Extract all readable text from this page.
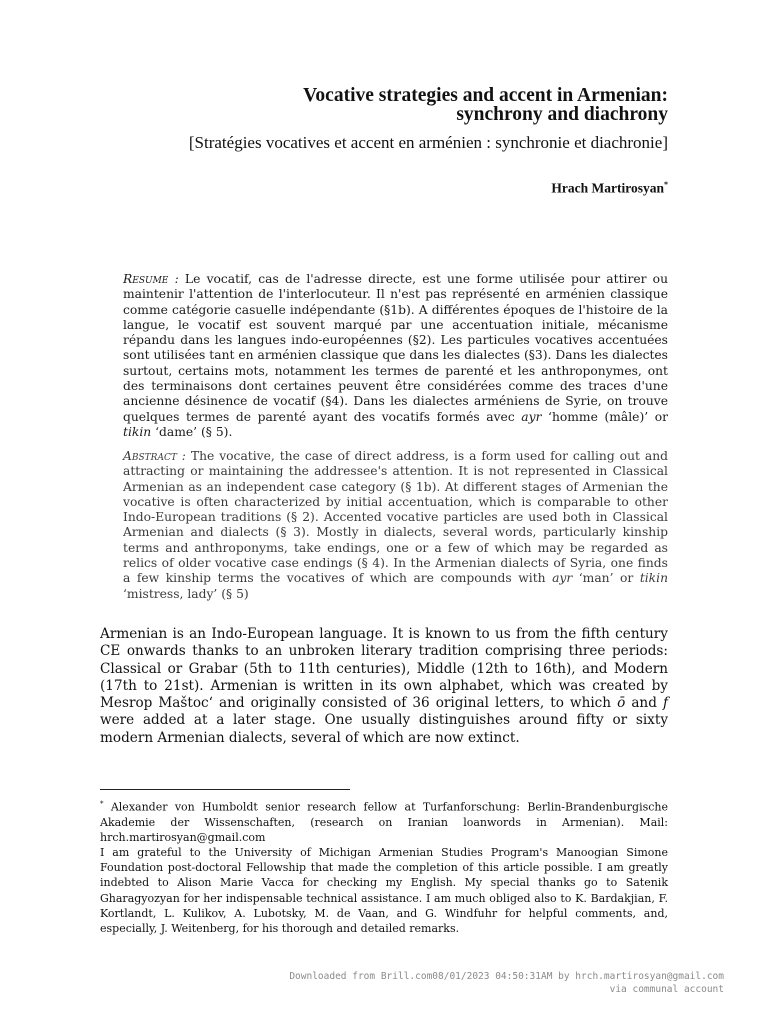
Vocative strategies and accent in Armenian:
synchrony and diachrony

[Stratégies vocatives et accent en arménien : synchronie et diachronie]

Hrach Martirosyan*

Resume : Le vocatif, cas de l'adresse directe, est une forme utilisée pour attirer ou maintenir l'attention de l'interlocuteur. Il n'est pas représenté en arménien classique comme catégorie casuelle indépendante (§1b). A différentes époques de l'histoire de la langue, le vocatif est souvent marqué par une accentuation initiale, mécanisme répandu dans les langues indo-européennes (§2). Les particules vocatives accentuées sont utilisées tant en arménien classique que dans les dialectes (§3). Dans les dialectes surtout, certains mots, notamment les termes de parenté et les anthroponymes, ont des terminaisons dont certaines peuvent être considérées comme des traces d'une ancienne désinence de vocatif (§4). Dans les dialectes arméniens de Syrie, on trouve quelques termes de parenté ayant des vocatifs formés avec ayr ‘homme (mâle)’ or tikin ‘dame’ (§ 5).

Abstract : The vocative, the case of direct address, is a form used for calling out and attracting or maintaining the addressee's attention. It is not represented in Classical Armenian as an independent case category (§ 1b). At different stages of Armenian the vocative is often characterized by initial accentuation, which is comparable to other Indo-European traditions (§ 2). Accented vocative particles are used both in Classical Armenian and dialects (§ 3). Mostly in dialects, several words, particularly kinship terms and anthroponyms, take endings, one or a few of which may be regarded as relics of older vocative case endings (§ 4). In the Armenian dialects of Syria, one finds a few kinship terms the vocatives of which are compounds with ayr ‘man’ or tikin ‘mistress, lady’ (§ 5)

Armenian is an Indo-European language. It is known to us from the fifth century CE onwards thanks to an unbroken literary tradition comprising three periods: Classical or Grabar (5th to 11th centuries), Middle (12th to 16th), and Modern (17th to 21st). Armenian is written in its own alphabet, which was created by Mesrop Maštocʻ and originally consisted of 36 original letters, to which ō and f were added at a later stage. One usually distinguishes around fifty or sixty modern Armenian dialects, several of which are now extinct.

* Alexander von Humboldt senior research fellow at Turfanforschung: Berlin-Brandenburgische Akademie der Wissenschaften, (research on Iranian loanwords in Armenian). Mail: hrch.martirosyan@gmail.com

I am grateful to the University of Michigan Armenian Studies Program's Manoogian Simone Foundation post-doctoral Fellowship that made the completion of this article possible. I am greatly indebted to Alison Marie Vacca for checking my English. My special thanks go to Satenik Gharagyozyan for her indispensable technical assistance. I am much obliged also to K. Bardakjian, F. Kortlandt, L. Kulikov, A. Lubotsky, M. de Vaan, and G. Windfuhr for helpful comments, and, especially, J. Weitenberg, for his thorough and detailed remarks.

Downloaded from Brill.com08/01/2023 04:50:31AM by hrch.martirosyan@gmail.com
via communal account
